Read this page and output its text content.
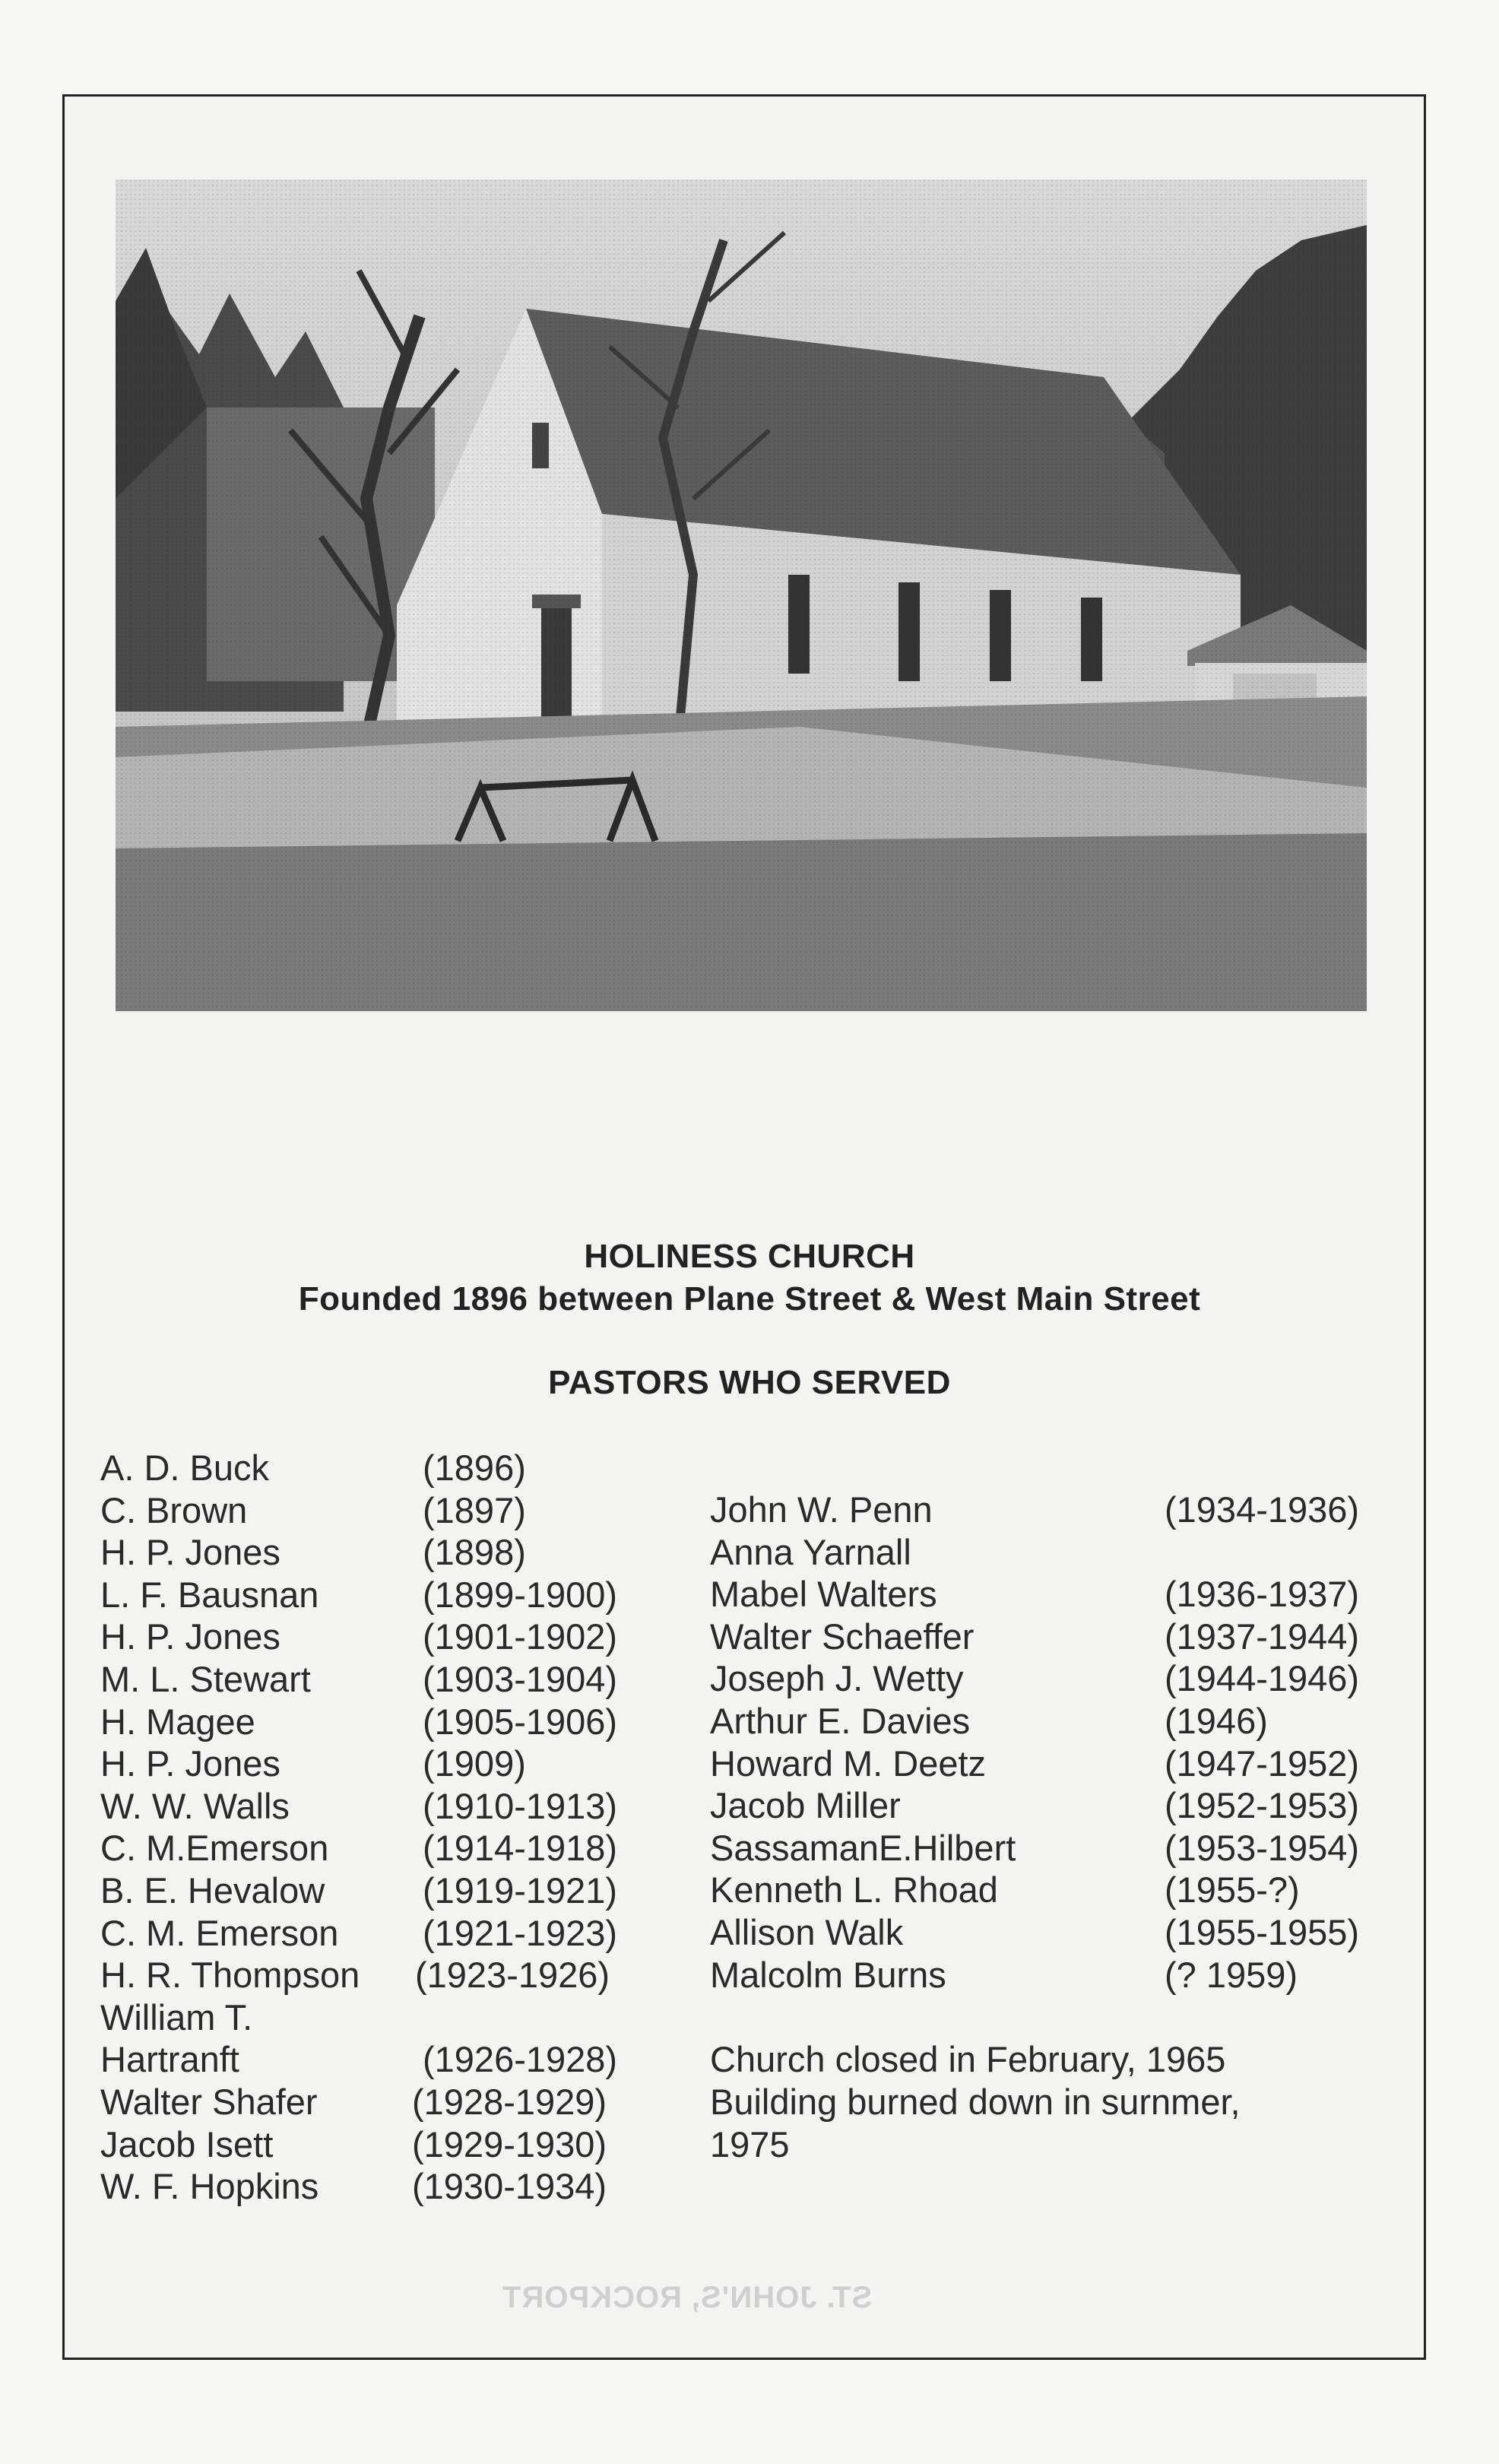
ST. JOHN'S, ROCKPORT
HOLINESS CHURCH
Founded 1896 between Plane Street & West Main Street
PASTORS WHO SERVED
A. D. Buck
C. Brown
H. P. Jones
L. F. Bausnan
H. P. Jones
M. L. Stewart
H. Magee
H. P. Jones
W. W. Walls
C. M.Emerson
B. E. Hevalow
C. M. Emerson
H. R. Thompson
William T.
Hartranft
Walter Shafer
Jacob Isett
W. F. Hopkins
(1896)
(1897)
(1898)
(1899-1900)
(1901-1902)
(1903-1904)
(1905-1906)
(1909)
(1910-1913)
(1914-1918)
(1919-1921)
(1921-1923)
(1923-1926)
(1926-1928)
(1928-1929)
(1929-1930)
(1930-1934)
John W. Penn
Anna Yarnall
Mabel Walters
Walter Schaeffer
Joseph J. Wetty
Arthur E. Davies
Howard M. Deetz
Jacob Miller
SassamanE.Hilbert
Kenneth L. Rhoad
Allison Walk
Malcolm Burns
(1934-1936)
(1936-1937)
(1937-1944)
(1944-1946)
(1946)
(1947-1952)
(1952-1953)
(1953-1954)
(1955-?)
(1955-1955)
(? 1959)
Church closed in February, 1965
Building burned down in surnmer,
1975
